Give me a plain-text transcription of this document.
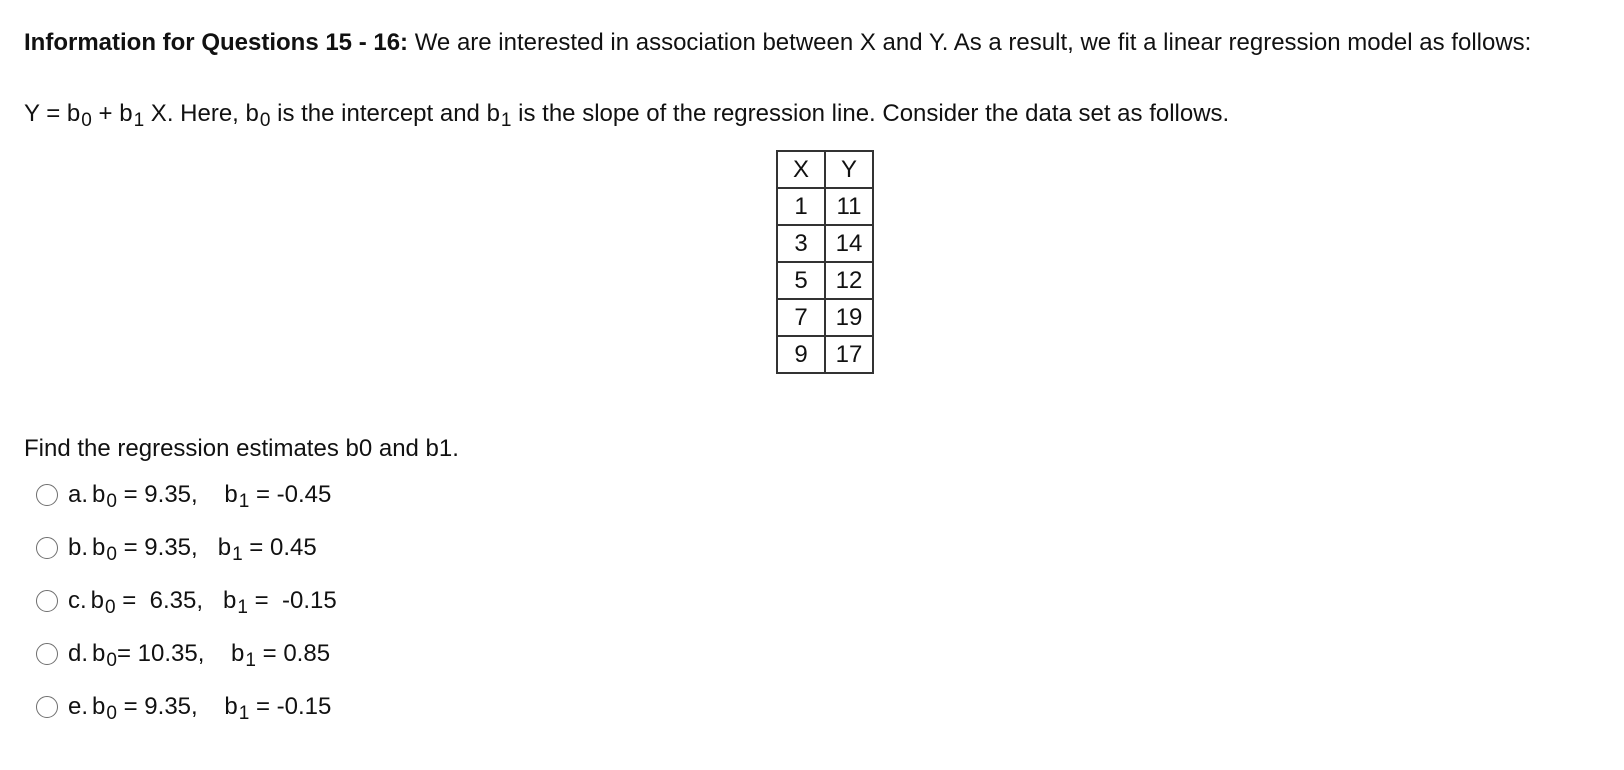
Information for Questions 15 - 16: We are interested in association between X and Y. As a result, we fit a linear regression model as follows:
$Y = b_0 + b_1$ X. Here, $b_0$ is the intercept and $b_1$ is the slope of the regression line. Consider the data set as follows.
X	Y
1	11
3	14
5	12
7	19
9	17
Find the regression estimates b0 and b1.
a. $b_0 = 9.35$, $b_1 = -0.45$
b. $b_0 = 9.35$, $b_1 = 0.45$
c. $b_0 = 6.35$, $b_1 = -0.15$
d. $b_0= 10.35$, $b_1 = 0.85$
e. $b_0 = 9.35$, $b_1 = -0.15$
